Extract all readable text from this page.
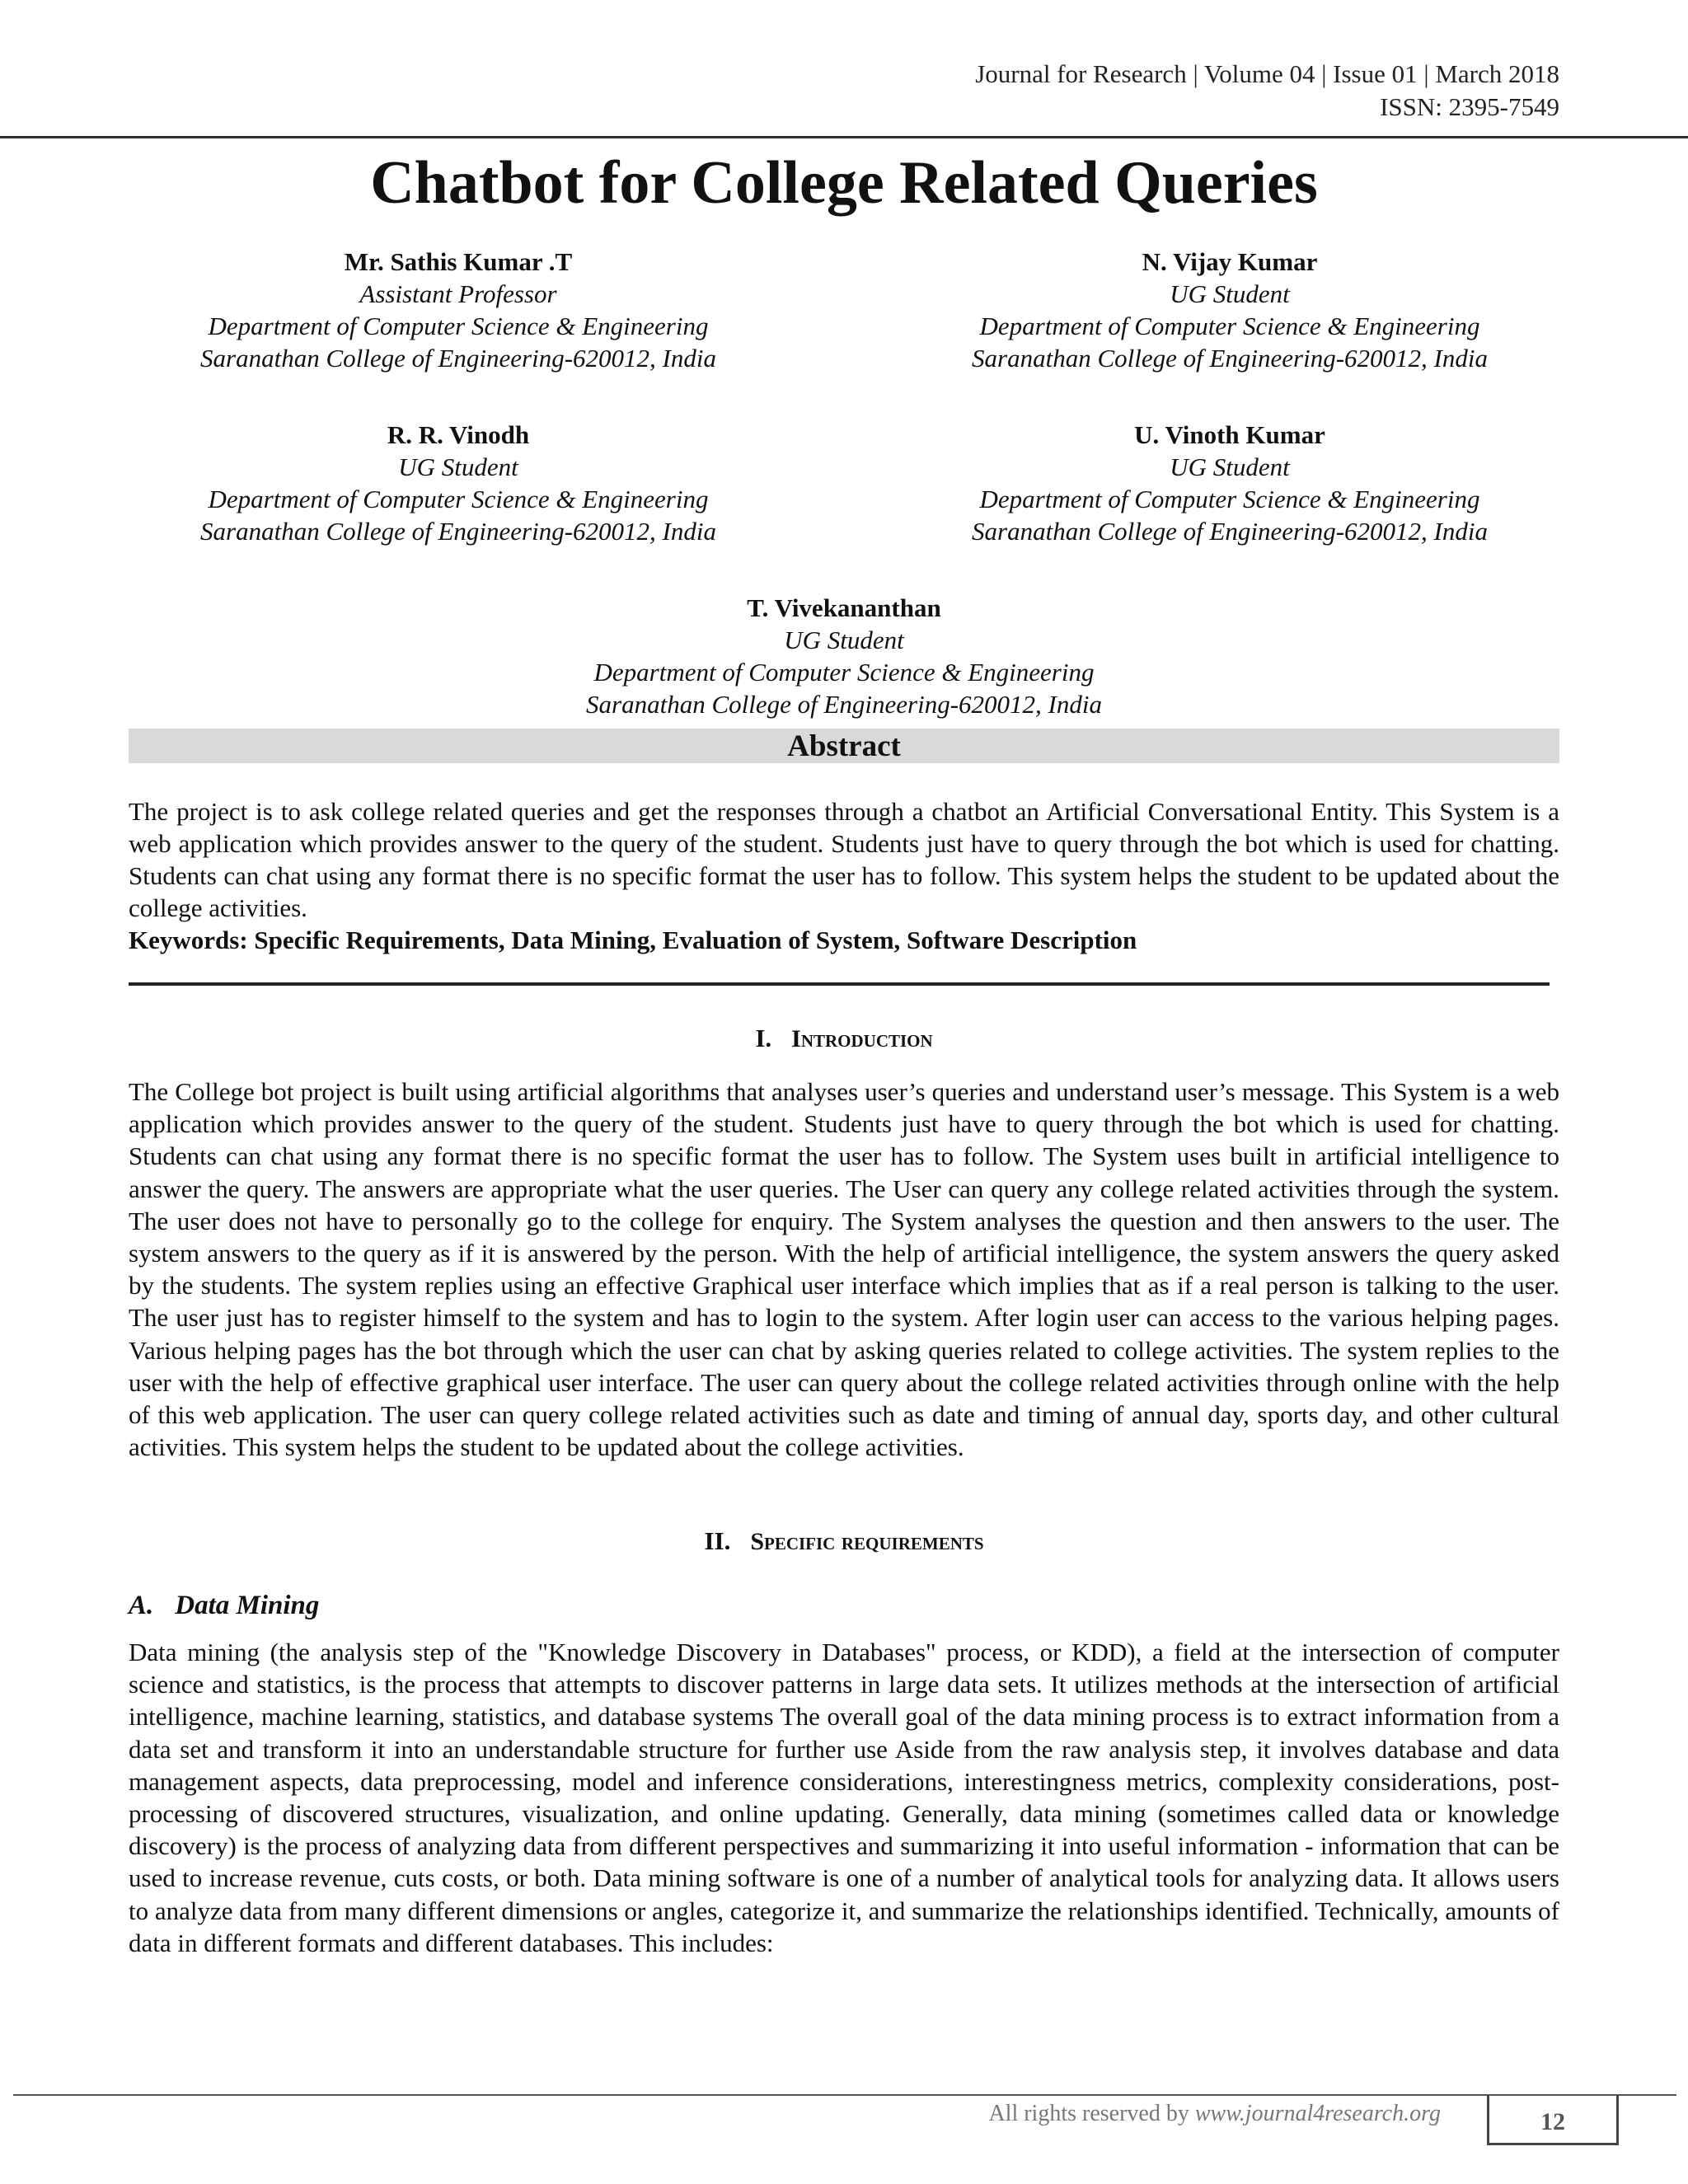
Journal for Research | Volume 04 | Issue 01 | March 2018
ISSN: 2395-7549
Chatbot for College Related Queries
Mr. Sathis Kumar .T
Assistant Professor
Department of Computer Science & Engineering
Saranathan College of Engineering-620012, India
N. Vijay Kumar
UG Student
Department of Computer Science & Engineering
Saranathan College of Engineering-620012, India
R. R. Vinodh
UG Student
Department of Computer Science & Engineering
Saranathan College of Engineering-620012, India
U. Vinoth Kumar
UG Student
Department of Computer Science & Engineering
Saranathan College of Engineering-620012, India
T. Vivekananthan
UG Student
Department of Computer Science & Engineering
Saranathan College of Engineering-620012, India
Abstract

The project is to ask college related queries and get the responses through a chatbot an Artificial Conversational Entity. This System is a web application which provides answer to the query of the student. Students just have to query through the bot which is used for chatting. Students can chat using any format there is no specific format the user has to follow. This system helps the student to be updated about the college activities.

Keywords: Specific Requirements, Data Mining, Evaluation of System, Software Description

I. Introduction

The College bot project is built using artificial algorithms that analyses user’s queries and understand user’s message. This System is a web application which provides answer to the query of the student. Students just have to query through the bot which is used for chatting. Students can chat using any format there is no specific format the user has to follow. The System uses built in artificial intelligence to answer the query. The answers are appropriate what the user queries. The User can query any college related activities through the system. The user does not have to personally go to the college for enquiry. The System analyses the question and then answers to the user. The system answers to the query as if it is answered by the person. With the help of artificial intelligence, the system answers the query asked by the students. The system replies using an effective Graphical user interface which implies that as if a real person is talking to the user. The user just has to register himself to the system and has to login to the system. After login user can access to the various helping pages. Various helping pages has the bot through which the user can chat by asking queries related to college activities. The system replies to the user with the help of effective graphical user interface. The user can query about the college related activities through online with the help of this web application. The user can query college related activities such as date and timing of annual day, sports day, and other cultural activities. This system helps the student to be updated about the college activities.

II. Specific requirements
A. Data Mining

Data mining (the analysis step of the "Knowledge Discovery in Databases" process, or KDD), a field at the intersection of computer science and statistics, is the process that attempts to discover patterns in large data sets. It utilizes methods at the intersection of artificial intelligence, machine learning, statistics, and database systems The overall goal of the data mining process is to extract information from a data set and transform it into an understandable structure for further use Aside from the raw analysis step, it involves database and data management aspects, data preprocessing, model and inference considerations, interestingness metrics, complexity considerations, post-processing of discovered structures, visualization, and online updating. Generally, data mining (sometimes called data or knowledge discovery) is the process of analyzing data from different perspectives and summarizing it into useful information - information that can be used to increase revenue, cuts costs, or both. Data mining software is one of a number of analytical tools for analyzing data. It allows users to analyze data from many different dimensions or angles, categorize it, and summarize the relationships identified. Technically, amounts of data in different formats and different databases. This includes:

All rights reserved by www.journal4research.org	12
